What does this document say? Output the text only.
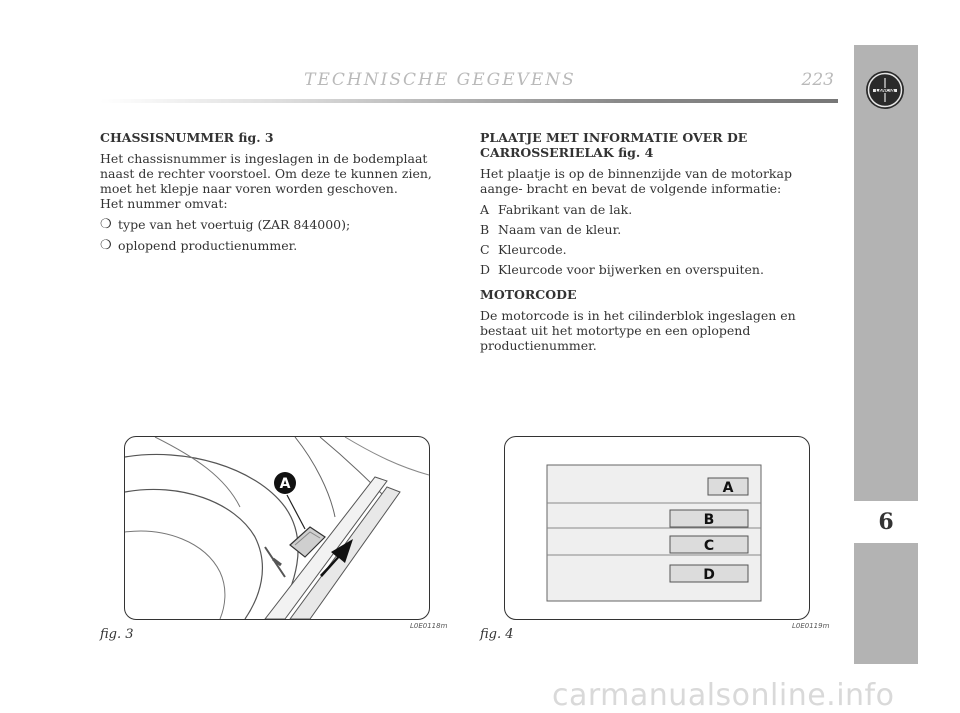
TECHNISCHE GEGEVENS	223
LANCIA
6
CHASSISNUMMER fig. 3
Het chassisnummer is ingeslagen in de bodemplaat naast de rechter voorstoel. Om deze te kunnen zien, moet het klepje naar voren worden geschoven.
Het nummer omvat:
❍ type van het voertuig (ZAR 844000);
❍ oplopend productienummer.
PLAATJE MET INFORMATIE OVER DE CARROSSERIELAK fig. 4
Het plaatje is op de binnenzijde van de motorkap aange- bracht en bevat de volgende informatie:
A Fabrikant van de lak.
B Naam van de kleur.
C Kleurcode.
D Kleurcode voor bijwerken en overspuiten.
MOTORCODE
De motorcode is in het cilinderblok ingeslagen en bestaat uit het motortype en een oplopend productienummer.
A
fig. 3
L0E0118m
A
B
C
D
fig. 4
L0E0119m
carmanualsonline.info
